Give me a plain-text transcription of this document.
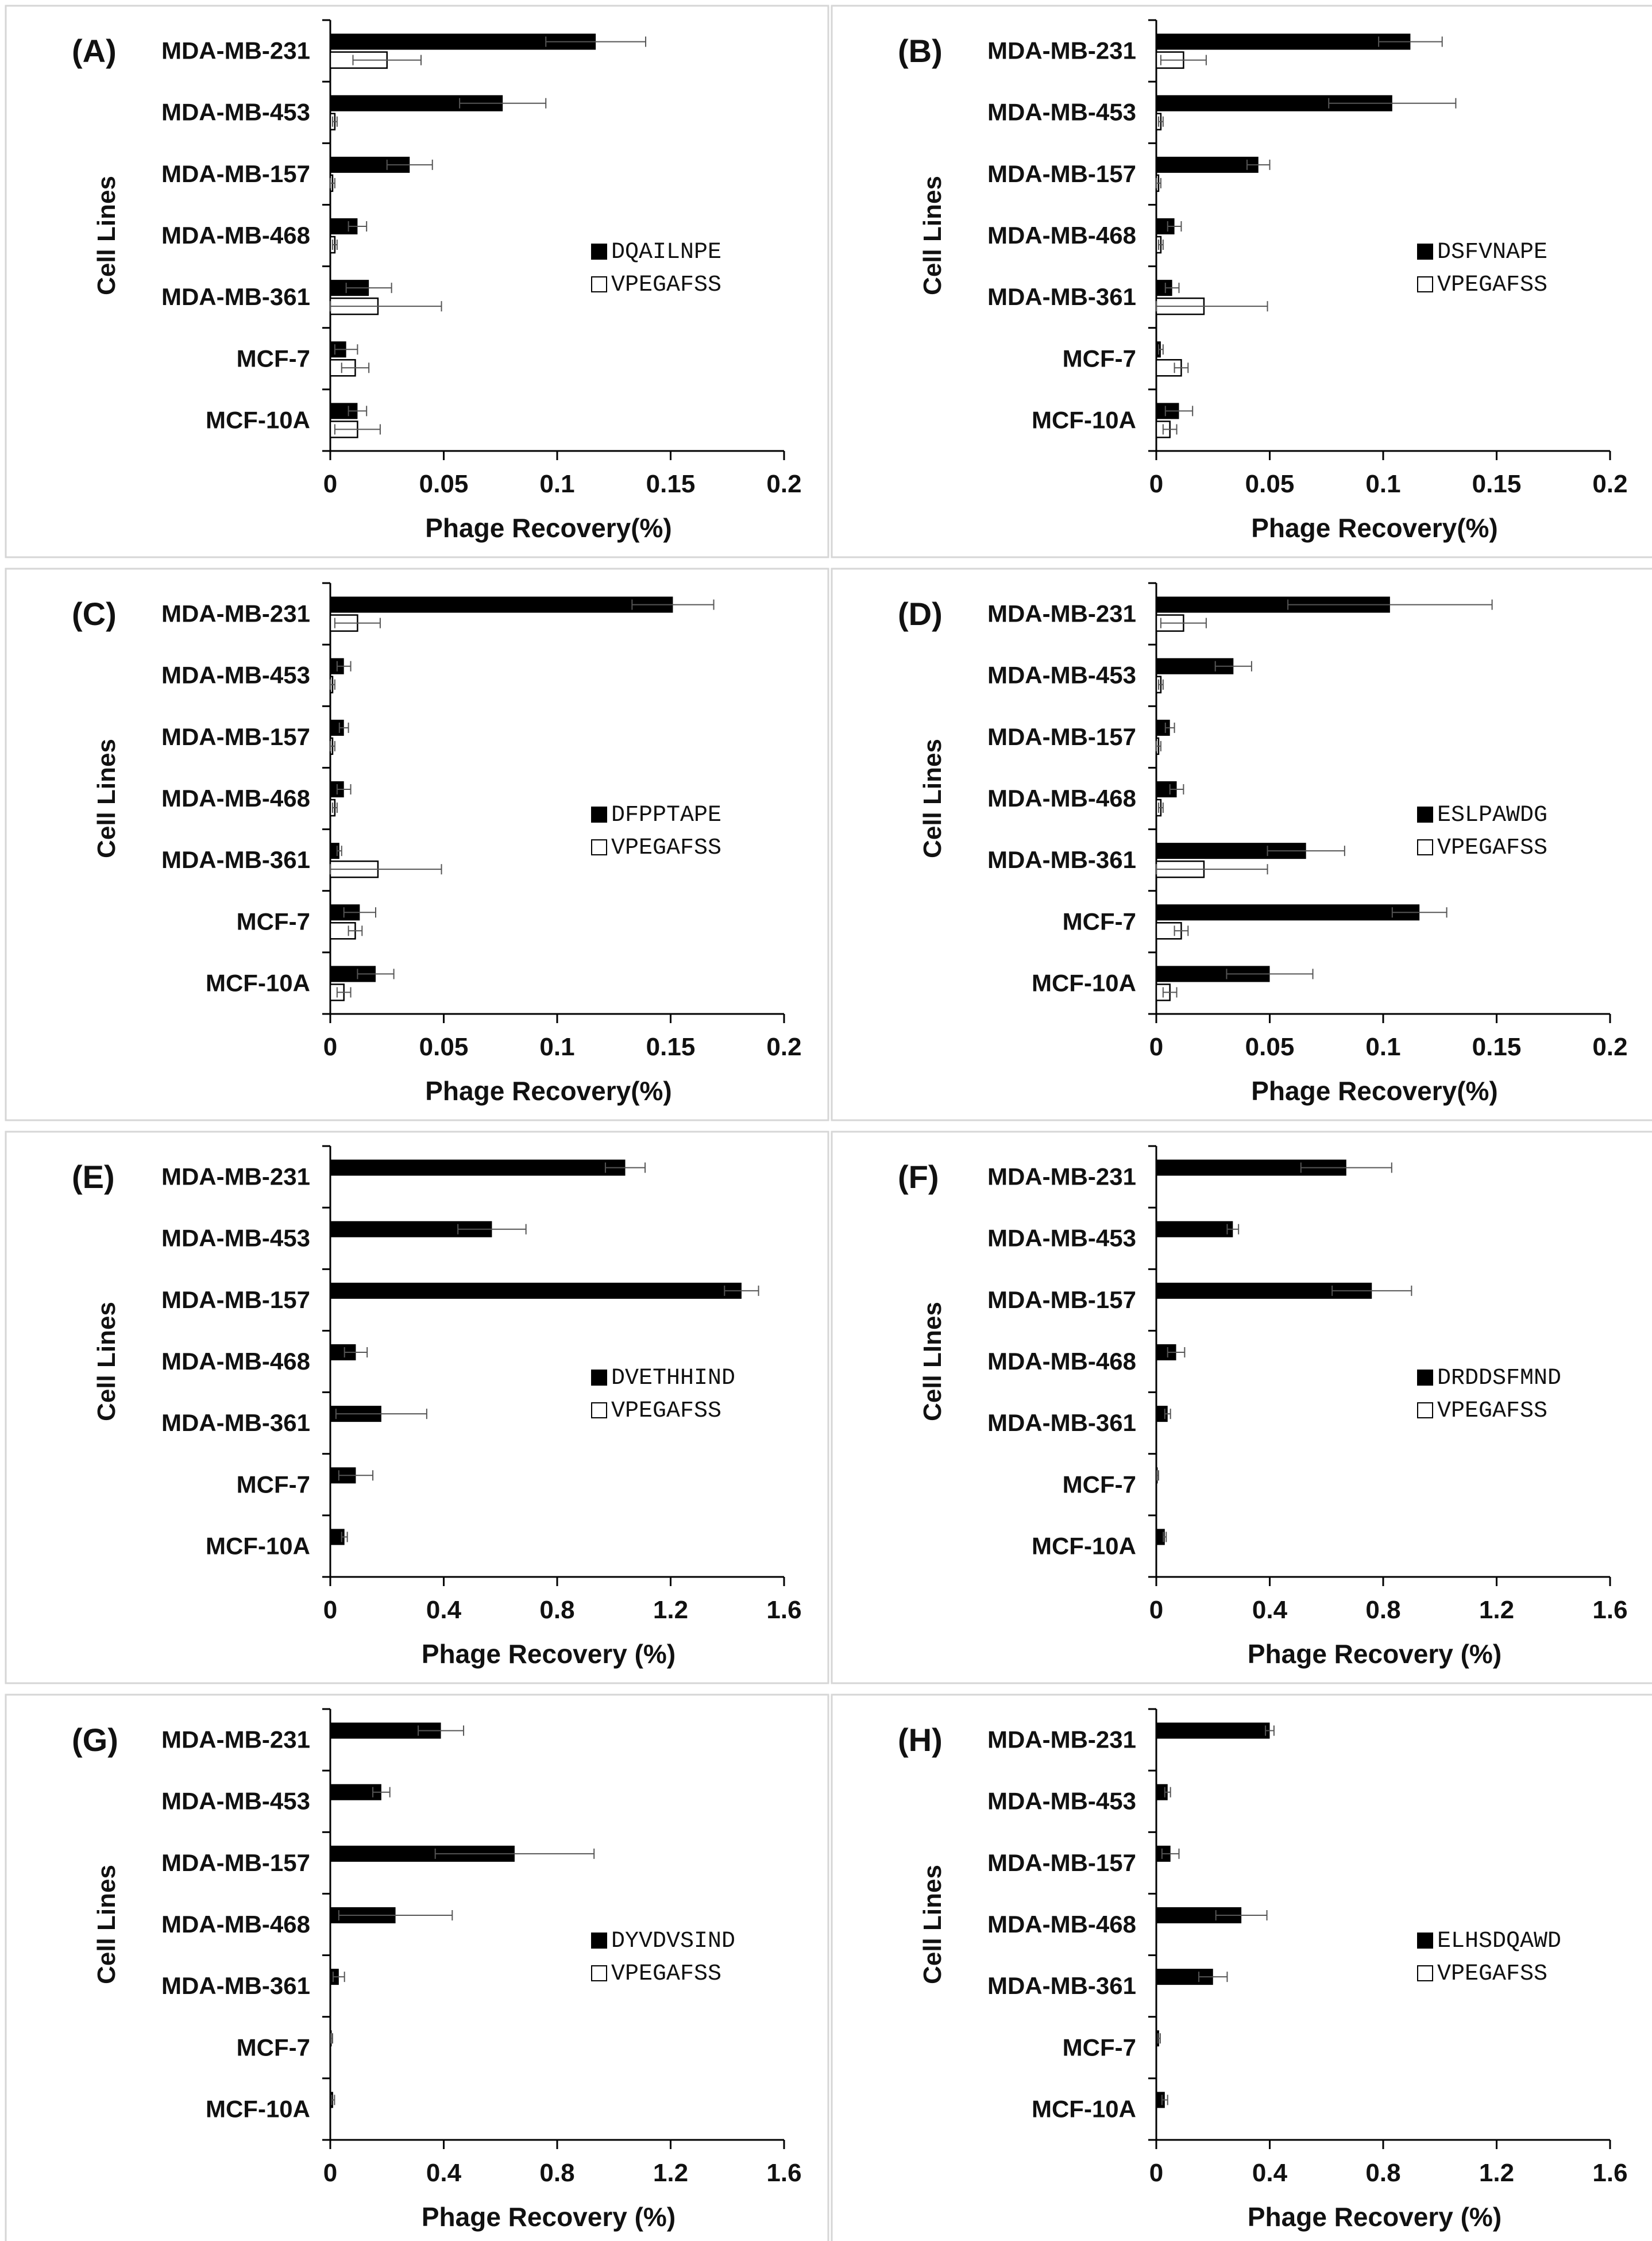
MDA-MB-231
MDA-MB-453
MDA-MB-157
MDA-MB-468
MDA-MB-361
MCF-7
MCF-10A
0	0.05	0.1	0.15	0.2
(A)
Phage Recovery(%)
Cell Lines	DQAILNPE
VPEGAFSS
MDA-MB-231
MDA-MB-453
MDA-MB-157
MDA-MB-468
MDA-MB-361
MCF-7
MCF-10A
0	0.05	0.1	0.15	0.2
(B)
Phage Recovery(%)
Cell Lines	DSFVNAPE
VPEGAFSS
MDA-MB-231
MDA-MB-453
MDA-MB-157
MDA-MB-468
MDA-MB-361
MCF-7
MCF-10A
0	0.05	0.1	0.15	0.2
(C)
Phage Recovery(%)
Cell Lines	DFPPTAPE
VPEGAFSS
MDA-MB-231
MDA-MB-453
MDA-MB-157
MDA-MB-468
MDA-MB-361
MCF-7
MCF-10A
0	0.05	0.1	0.15	0.2
(D)
Phage Recovery(%)
Cell Lines	ESLPAWDG
VPEGAFSS
MDA-MB-231
MDA-MB-453
MDA-MB-157
MDA-MB-468
MDA-MB-361
MCF-7
MCF-10A
0	0.4	0.8	1.2	1.6
(E)
Phage Recovery (%)
Cell Lines	DVETHHIND
VPEGAFSS
MDA-MB-231
MDA-MB-453
MDA-MB-157
MDA-MB-468
MDA-MB-361
MCF-7
MCF-10A
0	0.4	0.8	1.2	1.6
(F)
Phage Recovery (%)
Cell LInes	DRDDSFMND
VPEGAFSS
MDA-MB-231
MDA-MB-453
MDA-MB-157
MDA-MB-468
MDA-MB-361
MCF-7
MCF-10A
0	0.4	0.8	1.2	1.6
(G)
Phage Recovery (%)
Cell Lines	DYVDVSIND
VPEGAFSS
MDA-MB-231
MDA-MB-453
MDA-MB-157
MDA-MB-468
MDA-MB-361
MCF-7
MCF-10A
0	0.4	0.8	1.2	1.6
(H)
Phage Recovery (%)
Cell Lines	ELHSDQAWD
VPEGAFSS
